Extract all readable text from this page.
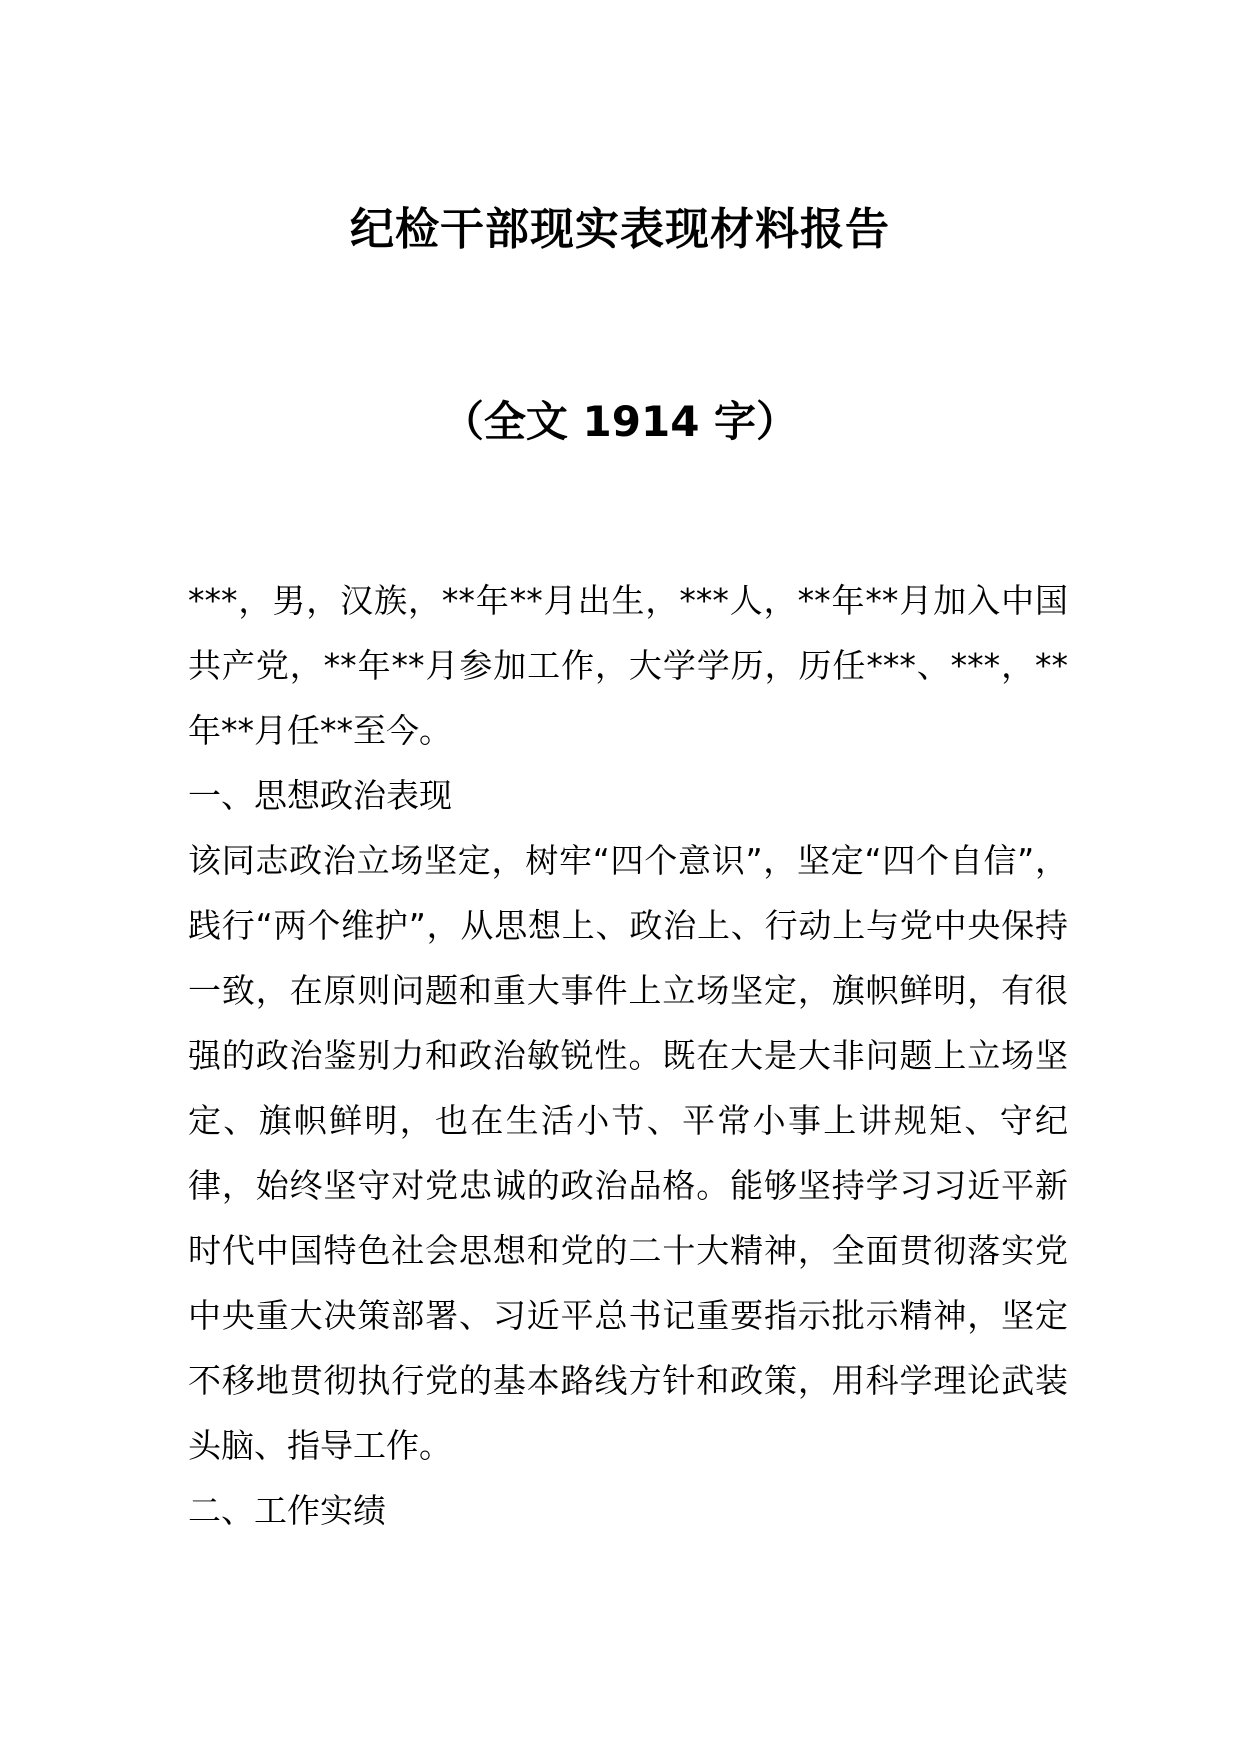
纪检干部现实表现材料报告
（全文 1914 字）

***，男，汉族，**年**月出生，***人，**年**月加入中国共产党，**年**月参加工作，大学学历，历任***、***，**年**月任**至今。

一、思想政治表现

该同志政治立场坚定，树牢“四个意识”，坚定“四个自信”，践行“两个维护”，从思想上、政治上、行动上与党中央保持一致，在原则问题和重大事件上立场坚定，旗帜鲜明，有很强的政治鉴别力和政治敏锐性。既在大是大非问题上立场坚定、旗帜鲜明，也在生活小节、平常小事上讲规矩、守纪律，始终坚守对党忠诚的政治品格。能够坚持学习习近平新时代中国特色社会思想和党的二十大精神，全面贯彻落实党中央重大决策部署、习近平总书记重要指示批示精神，坚定不移地贯彻执行党的基本路线方针和政策，用科学理论武装头脑、指导工作。

二、工作实绩
